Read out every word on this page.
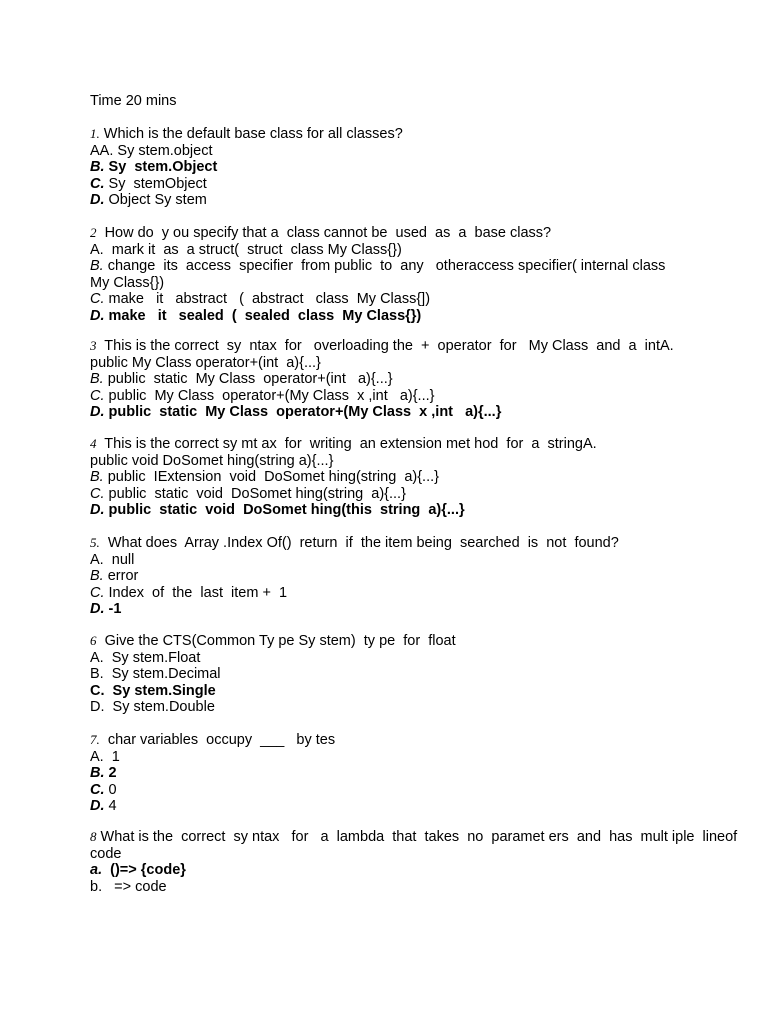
Time 20 mins
1. Which is the default base class for all classes?
AA. Sy stem.object
B. Sy  stem.Object
C. Sy  stemObject
D. Object Sy stem
2 How do  y ou specify that a  class cannot be  used  as  a  base class?
A.  mark it  as  a struct(  struct  class My Class{})
B. change  its  access  specifier  from public  to  any   other access specifier( internal class
My Class{})
C. make   it   abstract   (  abstract   class  My Class{])
D. make   it   sealed  (  sealed  class  My Class{})
3 This is the correct  sy  ntax  for   overloading the  +  operator  for   My Class  and  a  intA.
public My Class operator+(int  a){...}
B. public  static  My Class  operator+(int   a){...}
C. public  My Class  operator+(My Class  x ,int   a){...}
D. public  static  My Class  operator+(My Class  x ,int   a){...}
4 This is the correct sy mt ax  for  writing  an extension met hod  for  a  stringA.
public void DoSomet hing(string a){...}
B. public  IExtension  void  DoSomet hing(string  a){...}
C. public  static  void  DoSomet hing(string  a){...}
D. public  static  void  DoSomet hing(this  string  a){...}
5. What does  Array .Index Of()  return  if  the item being  searched  is  not  found?
A.  null
B. error
C. Index  of  the  last  item +  1
D. -1
6 Give the CTS(Common Ty pe Sy stem)  ty pe  for  float
A.  Sy stem.Float
B.  Sy stem.Decimal
C.  Sy stem.Single
D.  Sy stem.Double
7. char variables  occupy  ___   by tes
A.  1
B. 2
C. 0
D. 4
8 What is the  correct  sy ntax   for   a  lambda  that  takes  no  paramet ers  and  has  mult iple  lineof
code
a.  ()=> {code}
b.   => code
